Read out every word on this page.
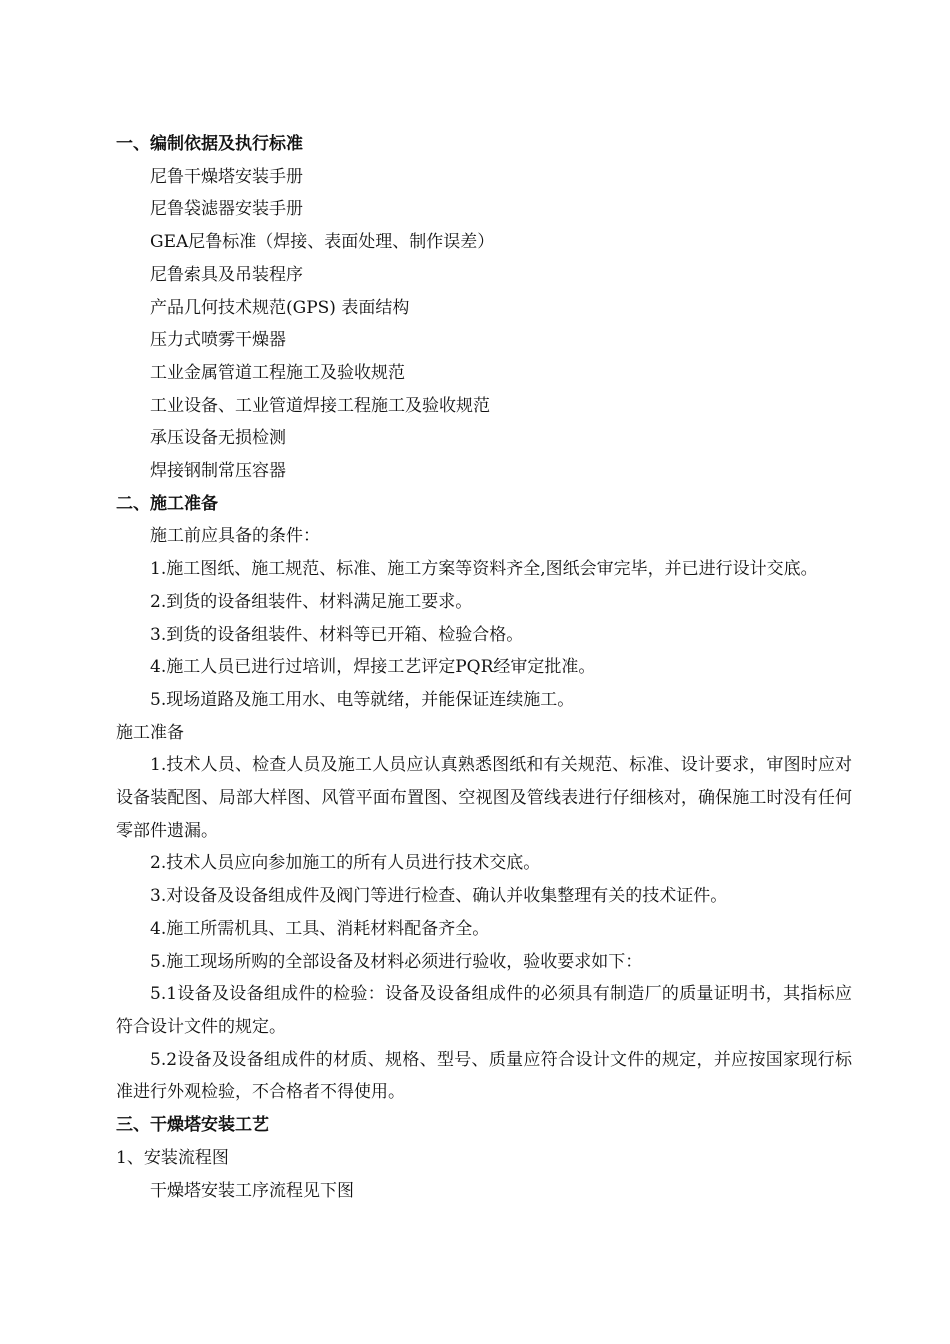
一、编制依据及执行标准

尼鲁干燥塔安装手册

尼鲁袋滤器安装手册

GEA尼鲁标准（焊接、表面处理、制作误差）

尼鲁索具及吊装程序

产品几何技术规范(GPS) 表面结构

压力式喷雾干燥器

工业金属管道工程施工及验收规范

工业设备、工业管道焊接工程施工及验收规范

承压设备无损检测

焊接钢制常压容器

二、施工准备

施工前应具备的条件：

1.施工图纸、施工规范、标准、施工方案等资料齐全,图纸会审完毕，并已进行设计交底。

2.到货的设备组装件、材料满足施工要求。

3.到货的设备组装件、材料等已开箱、检验合格。

4.施工人员已进行过培训，焊接工艺评定PQR经审定批准。

5.现场道路及施工用水、电等就绪，并能保证连续施工。

施工准备

1.技术人员、检查人员及施工人员应认真熟悉图纸和有关规范、标准、设计要求，审图时应对设备装配图、局部大样图、风管平面布置图、空视图及管线表进行仔细核对，确保施工时没有任何零部件遗漏。

2.技术人员应向参加施工的所有人员进行技术交底。

3.对设备及设备组成件及阀门等进行检查、确认并收集整理有关的技术证件。

4.施工所需机具、工具、消耗材料配备齐全。

5.施工现场所购的全部设备及材料必须进行验收，验收要求如下：

5.1设备及设备组成件的检验：设备及设备组成件的必须具有制造厂的质量证明书，其指标应符合设计文件的规定。

5.2设备及设备组成件的材质、规格、型号、质量应符合设计文件的规定，并应按国家现行标准进行外观检验，不合格者不得使用。

三、干燥塔安装工艺

1、安装流程图

干燥塔安装工序流程见下图
